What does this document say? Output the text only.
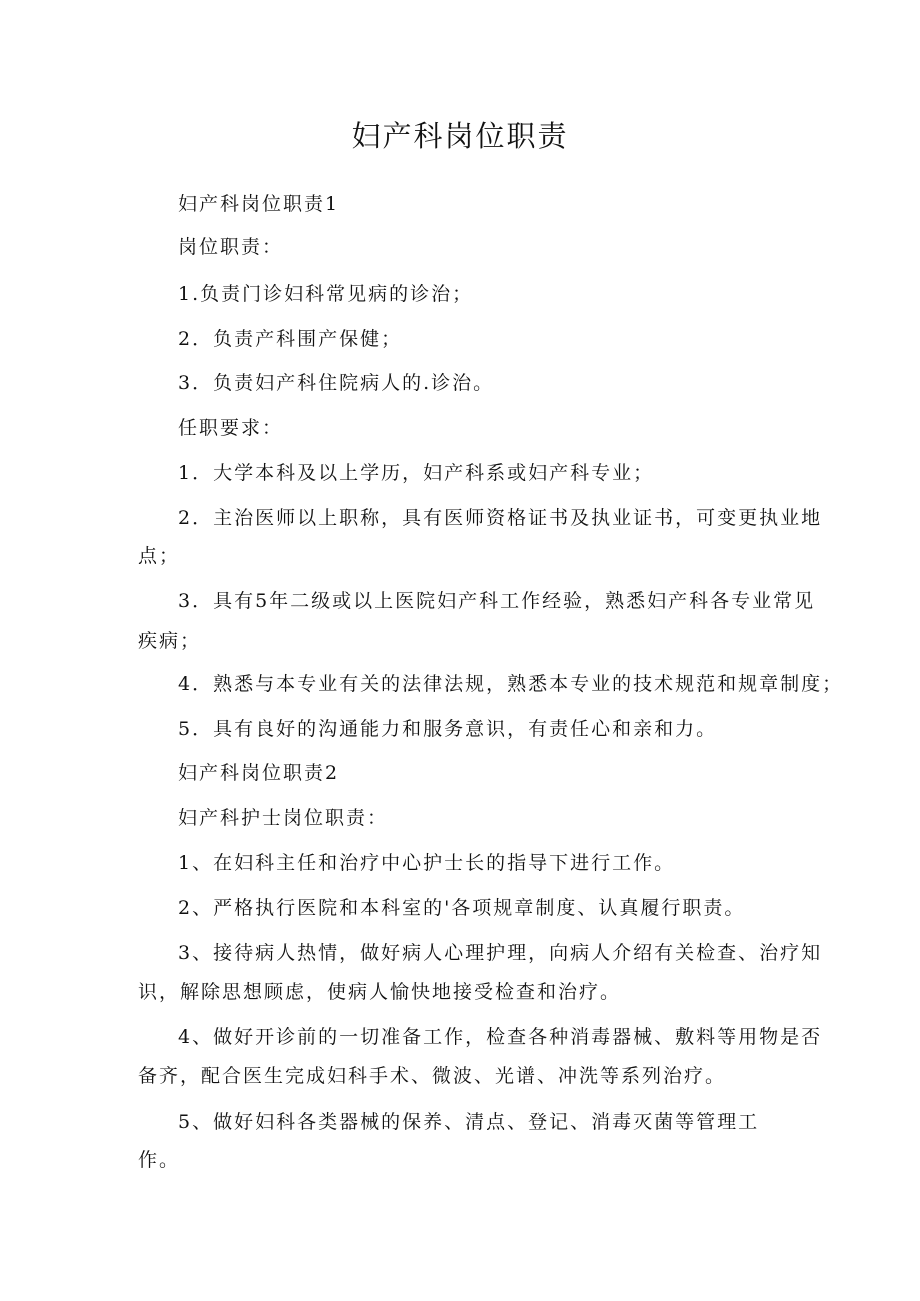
妇产科岗位职责

妇产科岗位职责1

岗位职责：

1.负责门诊妇科常见病的诊治；

2．负责产科围产保健；

3．负责妇产科住院病人的.诊治。

任职要求：

1．大学本科及以上学历，妇产科系或妇产科专业；

2．主治医师以上职称，具有医师资格证书及执业证书，可变更执业地

点；

3．具有5年二级或以上医院妇产科工作经验，熟悉妇产科各专业常见

疾病；

4．熟悉与本专业有关的法律法规，熟悉本专业的技术规范和规章制度；

5．具有良好的沟通能力和服务意识，有责任心和亲和力。

妇产科岗位职责2

妇产科护士岗位职责：

1、在妇科主任和治疗中心护士长的指导下进行工作。

2、严格执行医院和本科室的'各项规章制度、认真履行职责。

3、接待病人热情，做好病人心理护理，向病人介绍有关检查、治疗知

识，解除思想顾虑，使病人愉快地接受检查和治疗。

4、做好开诊前的一切准备工作，检查各种消毒器械、敷料等用物是否

备齐，配合医生完成妇科手术、微波、光谱、冲洗等系列治疗。

5、做好妇科各类器械的保养、清点、登记、消毒灭菌等管理工

作。
